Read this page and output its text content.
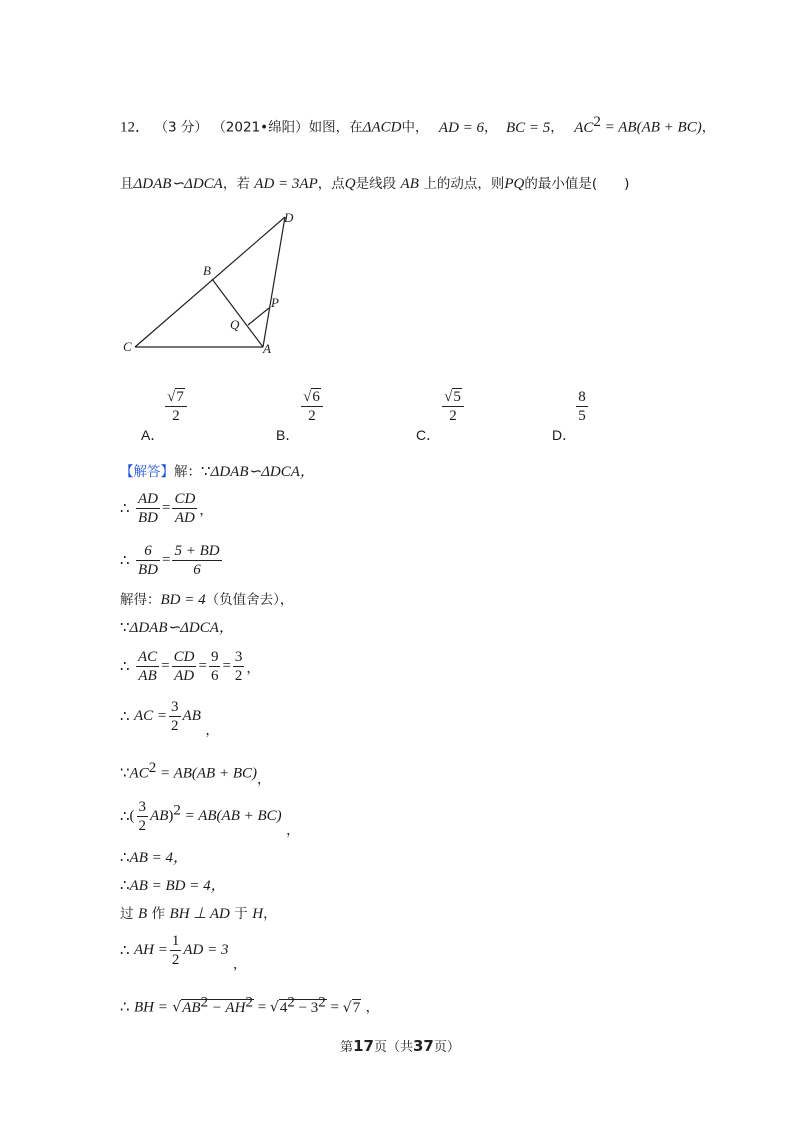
12． （3 分） （2021•绵阳）如图，在ΔACD中， AD = 6， BC = 5， $AC^2 = AB(AB + BC)$，
且ΔDAB∽ΔDCA，若 AD = 3AP，点Q是线段 AB 上的动点，则PQ的最小值是(　　)
D
B
P
Q
C	A
$\frac{√7}{2}$
A．
$\frac{√6}{2}$
B．
$\frac{√5}{2}$
C．
$\frac{8}{5}$
D．
【解答】解：∵ΔDAB∽ΔDCA，
∴ $\frac{AD}{BD} = \frac{CD}{AD}$ ，
∴ $\frac{6}{BD} = \frac{5 + BD}{6}$
解得：BD = 4（负值舍去），
∵ΔDAB∽ΔDCA，
∴ $\frac{AC}{AB} = \frac{CD}{AD} = \frac{9}{6} = \frac{3}{2}$ ，
∴ AC = $\frac{3}{2}$ AB ，
$\because AC^2 = AB(AB + BC)$，
∴( $\frac{3}{2} AB)^2 = AB(AB + BC)$ ，
∴AB = 4，
∴AB = BD = 4，
过 B 作 BH ⊥ AD 于 H，
∴ AH = $\frac{1}{2}$ AD = 3 ，
∴ BH = $√AB^2 - AH^2 = √4^2 - 3^2 = √7$ ，
第17页（共37页）
